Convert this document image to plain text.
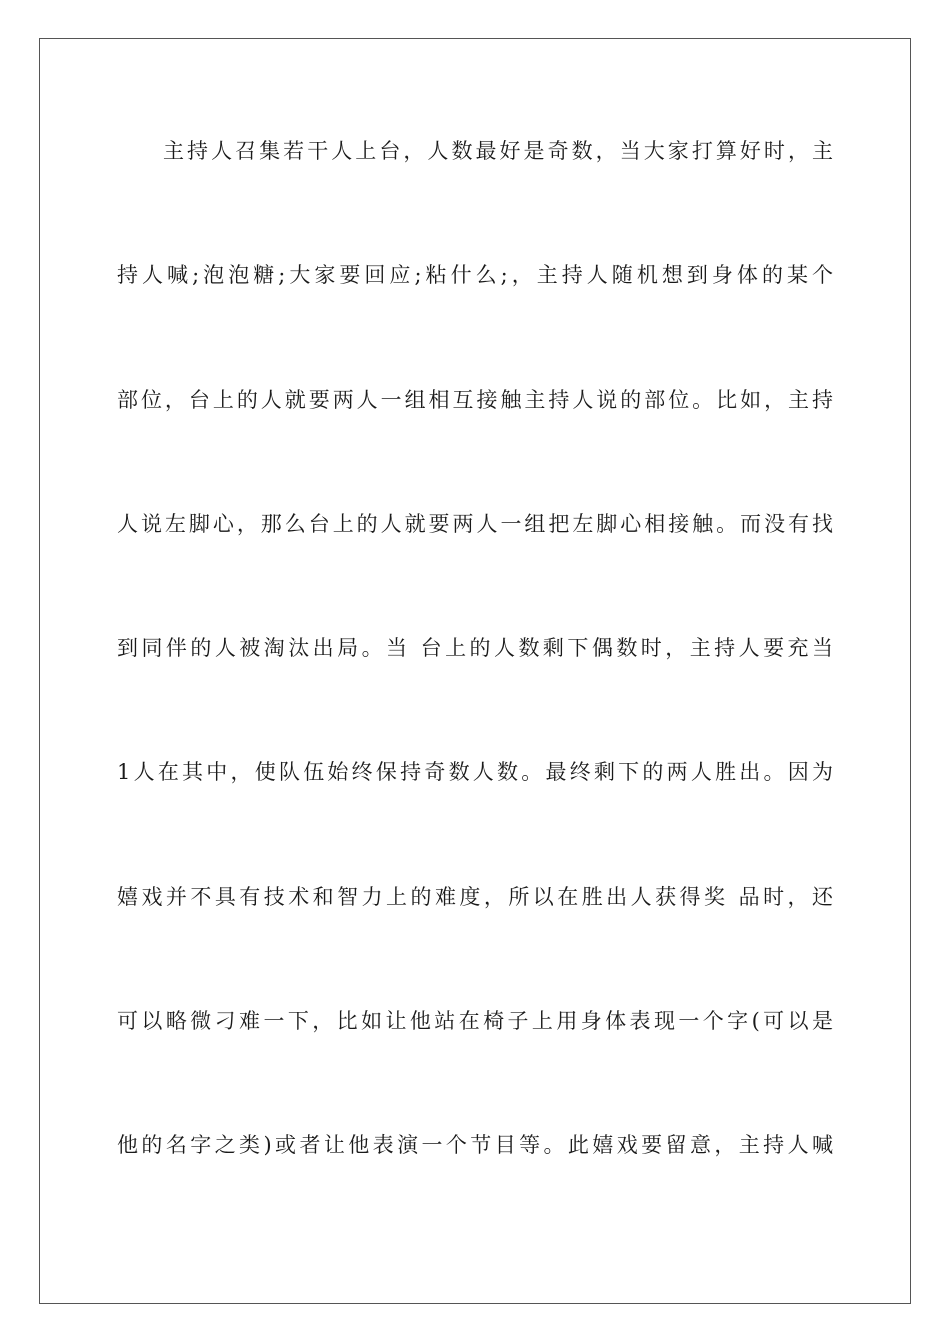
主持人召集若干人上台，人数最好是奇数，当大家打算好时，主
持人喊;泡泡糖;大家要回应;粘什么;，主持人随机想到身体的某个
部位，台上的人就要两人一组相互接触主持人说的部位。比如，主持
人说左脚心，那么台上的人就要两人一组把左脚心相接触。而没有找
到同伴的人被淘汰出局。当 台上的人数剩下偶数时，主持人要充当
1人在其中，使队伍始终保持奇数人数。最终剩下的两人胜出。因为
嬉戏并不具有技术和智力上的难度，所以在胜出人获得奖 品时，还
可以略微刁难一下，比如让他站在椅子上用身体表现一个字(可以是
他的名字之类)或者让他表演一个节目等。此嬉戏要留意，主持人喊
